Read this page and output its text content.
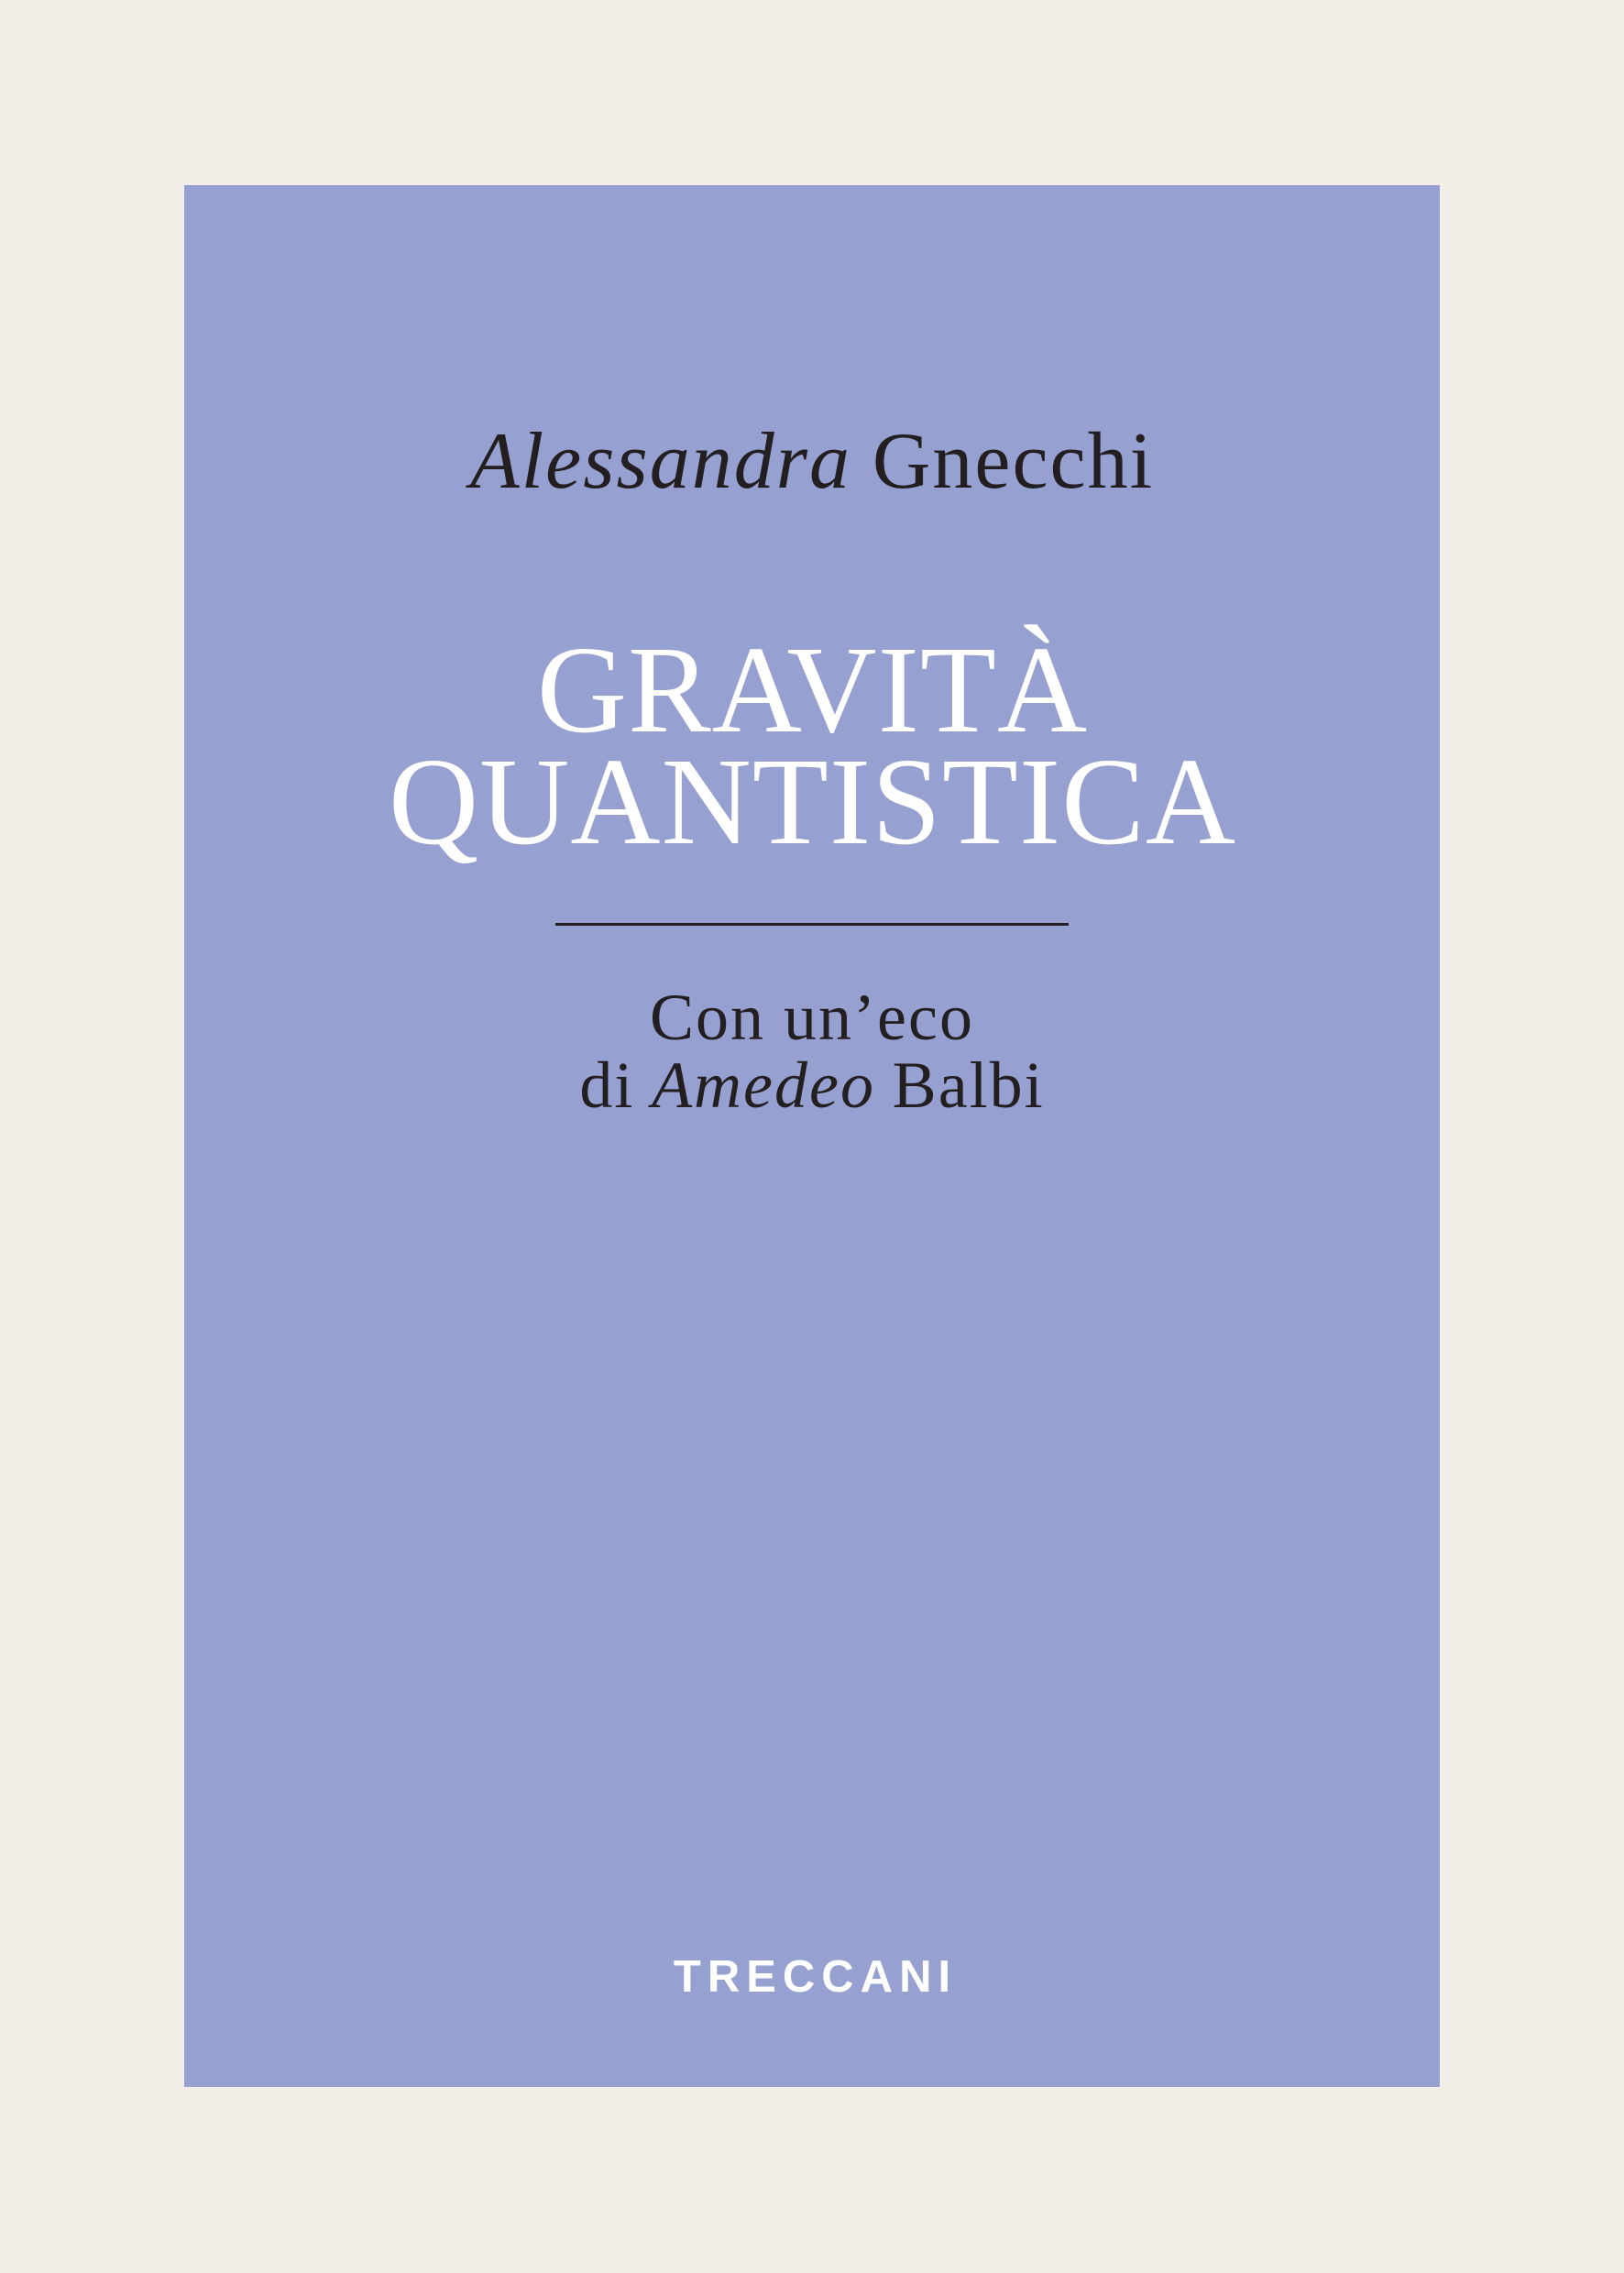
Alessandra Gnecchi
GRAVITÀ
QUANTISTICA
Con un’eco
di Amedeo Balbi
TRECCANI
